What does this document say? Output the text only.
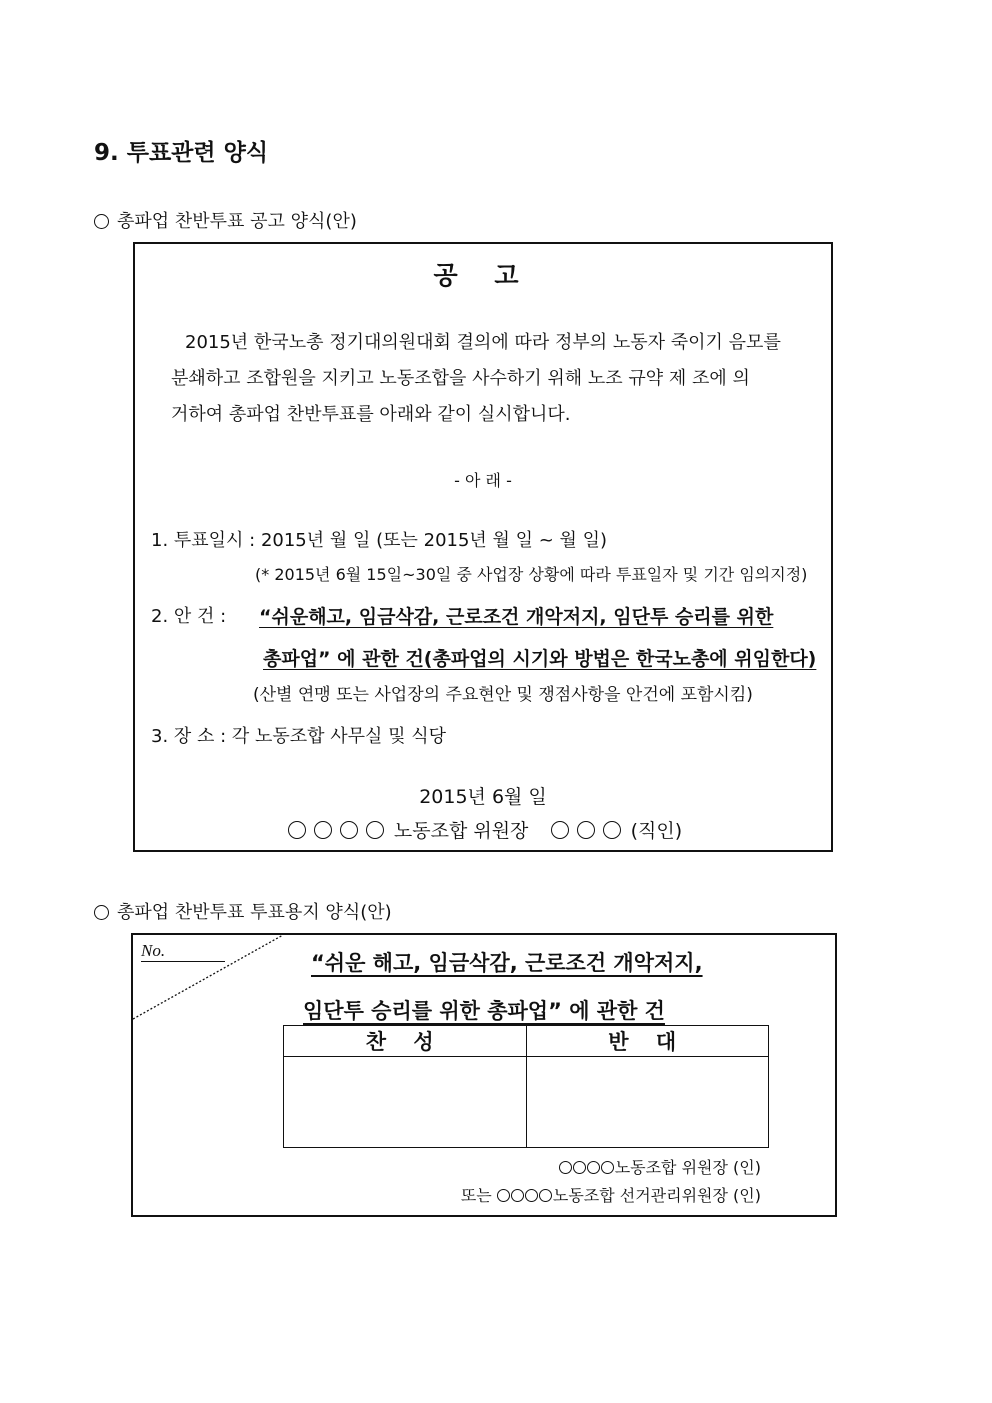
9. 투표관련 양식
총파업 찬반투표 공고 양식(안)
공 고
2015년 한국노총 정기대의원대회 결의에 따라 정부의 노동자 죽이기 음모를
분쇄하고 조합원을 지키고 노동조합을 사수하기 위해 노조 규약 제 조에 의
거하여 총파업 찬반투표를 아래와 같이 실시합니다.
- 아 래 -
1. 투표일시 : 2015년 월 일 (또는 2015년 월 일 ~ 월 일)
(* 2015년 6월 15일~30일 중 사업장 상황에 따라 투표일자 및 기간 임의지정)
2. 안 건 : “쉬운해고, 임금삭감, 근로조건 개악저지, 임단투 승리를 위한
총파업” 에 관한 건(총파업의 시기와 방법은 한국노총에 위임한다)
(산별 연맹 또는 사업장의 주요현안 및 쟁점사항을 안건에 포함시킴)
3. 장 소 : 각 노동조합 사무실 및 식당
2015년 6월 일
노동조합 위원장	(직인)
총파업 찬반투표 투표용지 양식(안)
No.
“쉬운 해고, 임금삭감, 근로조건 개악저지,
임단투 승리를 위한 총파업” 에 관한 건
찬 성	반 대

노동조합 위원장 (인)
또는	노동조합 선거관리위원장 (인)
